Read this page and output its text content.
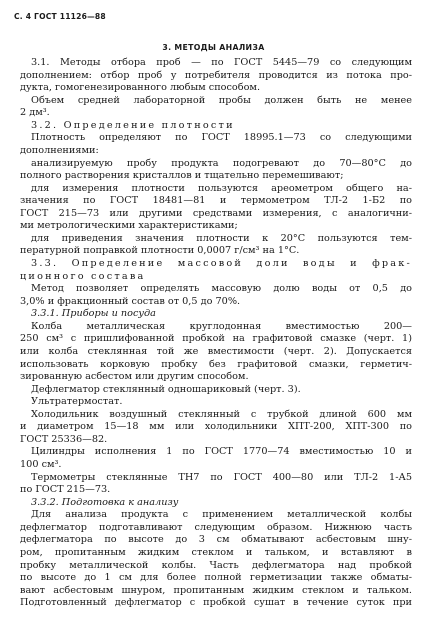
С. 4 ГОСТ 11126—88
3. МЕТОДЫ АНАЛИЗА
3.1. Методы отбора проб — по ГОСТ 5445—79 со следующим
дополнением: отбор проб у потребителя проводится из потока про-
дукта, гомогенезированного любым способом.
Объем средней лабораторной пробы должен быть не менее
2 дм³.
3.2. Определение плотности
Плотность определяют по ГОСТ 18995.1—73 со следующими
дополнениями:
анализируемую пробу продукта подогревают до 70—80°С до
полного растворения кристаллов и тщательно перемешивают;
для измерения плотности пользуются ареометром общего на-
значения по ГОСТ 18481—81 и термометром ТЛ-2 1-Б2 по
ГОСТ 215—73 или другими средствами измерения, с аналогични-
ми метрологическими характеристиками;
для приведения значения плотности к 20°С пользуются тем-
пературной поправкой плотности 0,0007 г/см³ на 1°С.
3.3. Определение массовой доли воды и фрак-
ционного состава
Метод позволяет определять массовую долю воды от 0,5 до
3,0% и фракционный состав от 0,5 до 70%.
3.3.1. Приборы и посуда
Колба металлическая круглодонная вместимостью 200—
250 см³ с пришлифованной пробкой на графитовой смазке (черт. 1)
или колба стеклянная той же вместимости (черт. 2). Допускается
использовать корковую пробку без графитовой смазки, герметич-
зированную асбестом или другим способом.
Дефлегматор стеклянный одношариковый (черт. 3).
Ультратермостат.
Холодильник воздушный стеклянный с трубкой длиной 600 мм
и диаметром 15—18 мм или холодильники ХПТ-200, ХПТ-300 по
ГОСТ 25336—82.
Цилиндры исполнения 1 по ГОСТ 1770—74 вместимостью 10 и
100 см³.
Термометры стеклянные ТН7 по ГОСТ 400—80 или ТЛ-2 1-А5
по ГОСТ 215—73.
3.3.2. Подготовка к анализу
Для анализа продукта с применением металлической колбы
дефлегматор подготавливают следующим образом. Нижнюю часть
дефлегматора по высоте до 3 см обматывают асбестовым шну-
ром, пропитанным жидким стеклом и тальком, и вставляют в
пробку металлической колбы. Часть дефлегматора над пробкой
по высоте до 1 см для более полной герметизации также обматы-
вают асбестовым шнуром, пропитанным жидким стеклом и тальком.
Подготовленный дефлегматор с пробкой сушат в течение суток при
